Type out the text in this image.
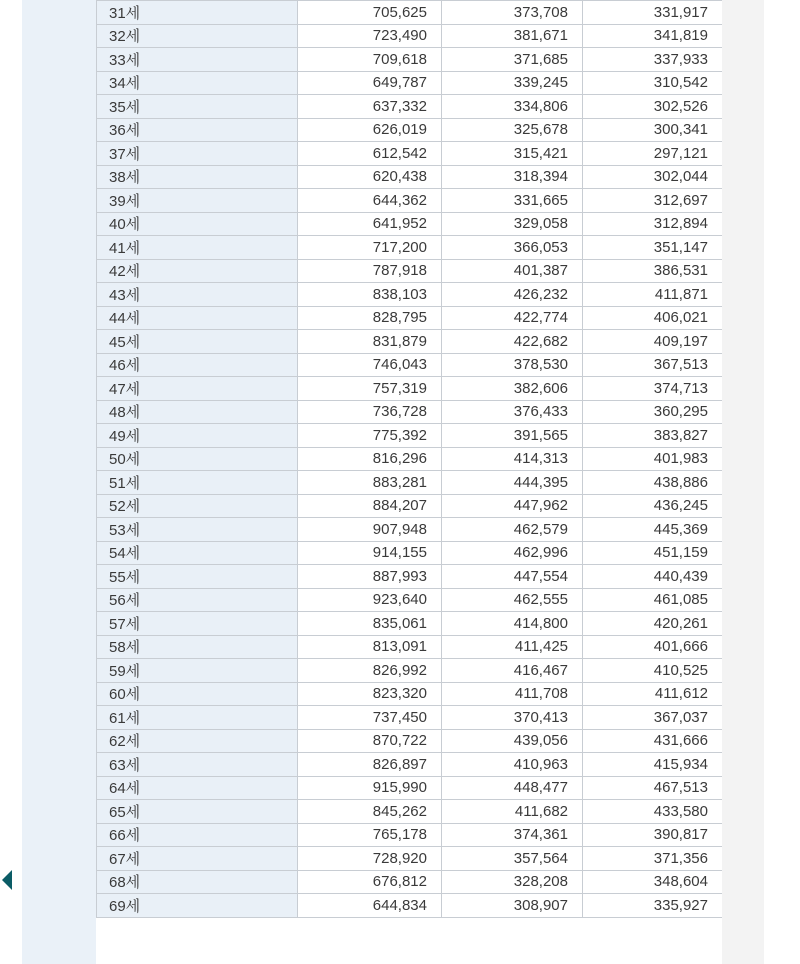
31세	705,625	373,708	331,917
32세	723,490	381,671	341,819
33세	709,618	371,685	337,933
34세	649,787	339,245	310,542
35세	637,332	334,806	302,526
36세	626,019	325,678	300,341
37세	612,542	315,421	297,121
38세	620,438	318,394	302,044
39세	644,362	331,665	312,697
40세	641,952	329,058	312,894
41세	717,200	366,053	351,147
42세	787,918	401,387	386,531
43세	838,103	426,232	411,871
44세	828,795	422,774	406,021
45세	831,879	422,682	409,197
46세	746,043	378,530	367,513
47세	757,319	382,606	374,713
48세	736,728	376,433	360,295
49세	775,392	391,565	383,827
50세	816,296	414,313	401,983
51세	883,281	444,395	438,886
52세	884,207	447,962	436,245
53세	907,948	462,579	445,369
54세	914,155	462,996	451,159
55세	887,993	447,554	440,439
56세	923,640	462,555	461,085
57세	835,061	414,800	420,261
58세	813,091	411,425	401,666
59세	826,992	416,467	410,525
60세	823,320	411,708	411,612
61세	737,450	370,413	367,037
62세	870,722	439,056	431,666
63세	826,897	410,963	415,934
64세	915,990	448,477	467,513
65세	845,262	411,682	433,580
66세	765,178	374,361	390,817
67세	728,920	357,564	371,356
68세	676,812	328,208	348,604
69세	644,834	308,907	335,927
